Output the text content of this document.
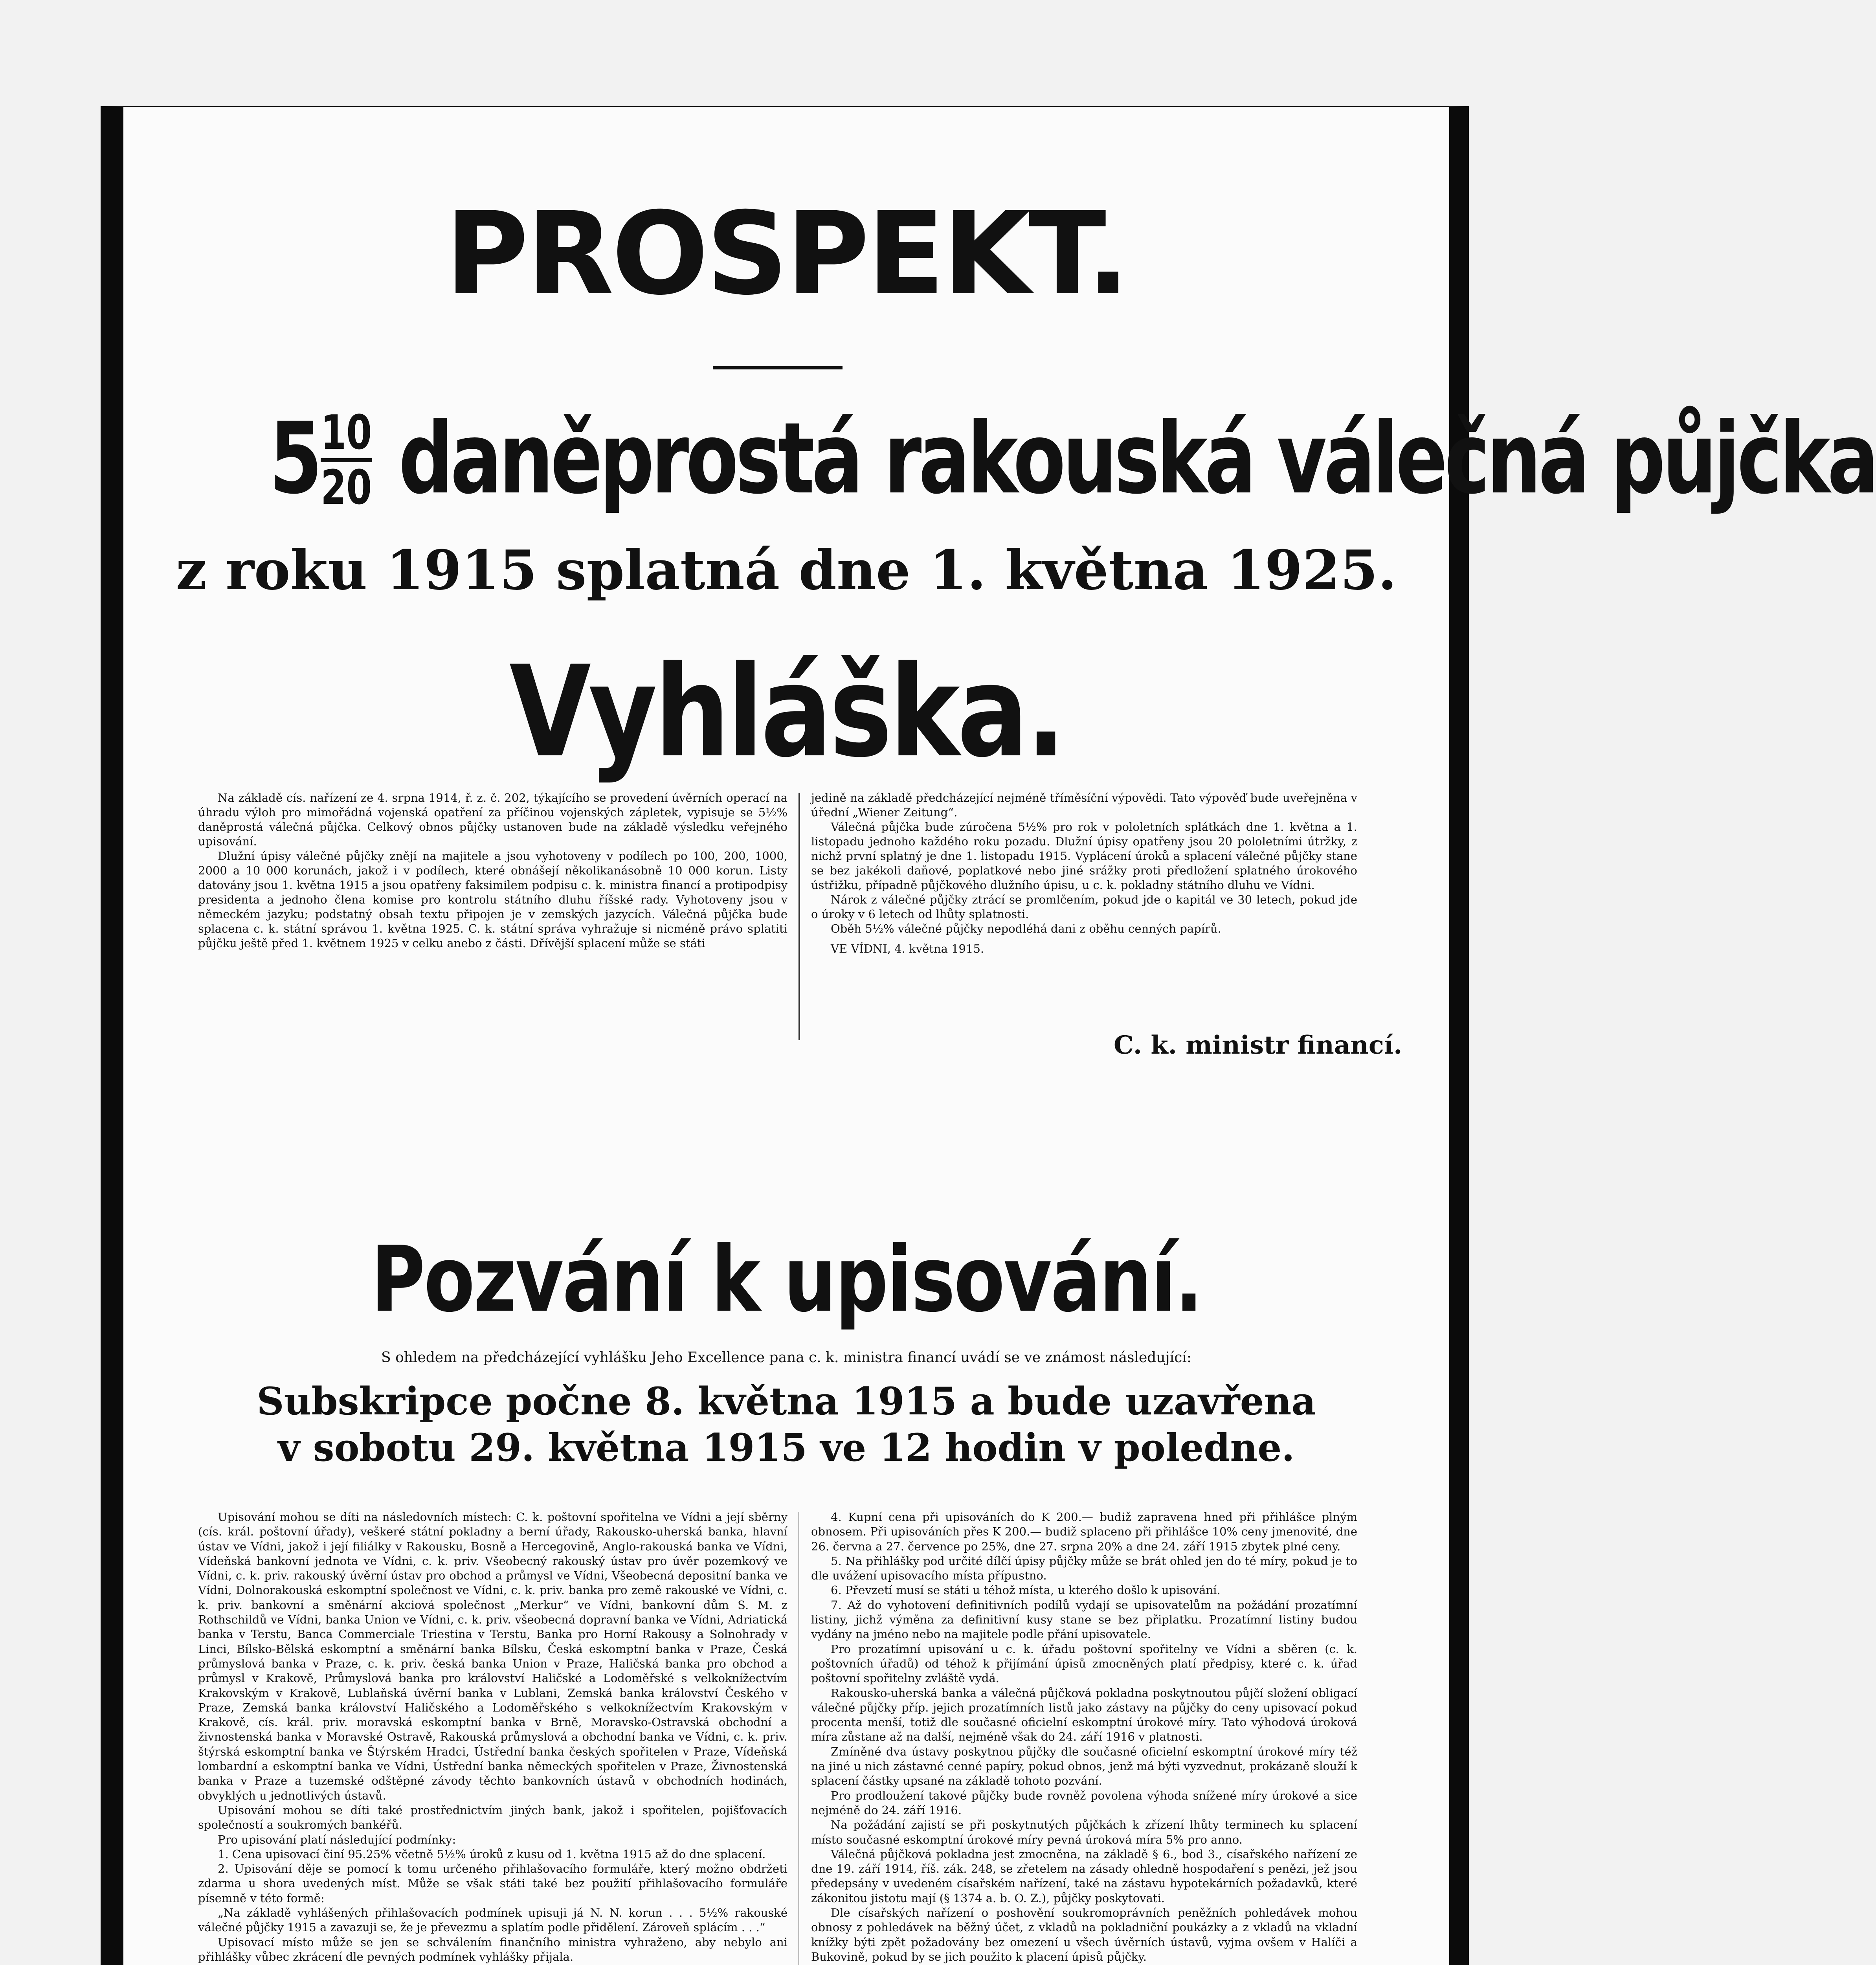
PROSPEKT.
$5 \frac{10}{20}$ daněprostá rakouská válečná půjčka
z roku 1915 splatná dne 1. května 1925.
Vyhláška.

Na základě cís. nařízení ze 4. srpna 1914, ř. z. č. 202, týkajícího se provedení úvěrních operací na úhradu výloh pro mimořádná vojenská opatření za příčinou vojenských zápletek, vypisuje se 5½% daněprostá válečná půjčka. Celkový obnos půjčky ustanoven bude na základě výsledku veřejného upisování.

Dlužní úpisy válečné půjčky znějí na majitele a jsou vyhotoveny v podílech po 100, 200, 1000, 2000 a 10 000 korunách, jakož i v podílech, které obnášejí několikanásobně 10 000 korun. Listy datovány jsou 1. května 1915 a jsou opatřeny faksimilem podpisu c. k. ministra financí a protipodpisy presidenta a jednoho člena komise pro kontrolu státního dluhu říšské rady. Vyhotoveny jsou v německém jazyku; podstatný obsah textu připojen je v zemských jazycích. Válečná půjčka bude splacena c. k. státní správou 1. května 1925. C. k. státní správa vyhražuje si nicméně právo splatiti půjčku ještě před 1. květnem 1925 v celku anebo z části. Dřívější splacení může se státi

jedině na základě předcházející nejméně tříměsíční výpovědi. Tato výpověď bude uveřejněna v úřední „Wiener Zeitung“.

Válečná půjčka bude zúročena 5½% pro rok v pololetních splátkách dne 1. května a 1. listopadu jednoho každého roku pozadu. Dlužní úpisy opatřeny jsou 20 pololetními útržky, z nichž první splatný je dne 1. listopadu 1915. Vyplácení úroků a splacení válečné půjčky stane se bez jakékoli daňové, poplatkové nebo jiné srážky proti předložení splatného úrokového ústřižku, případně půjčkového dlužního úpisu, u c. k. pokladny státního dluhu ve Vídni.

Nárok z válečné půjčky ztrácí se promlčením, pokud jde o kapitál ve 30 letech, pokud jde o úroky v 6 letech od lhůty splatnosti.

Oběh 5½% válečné půjčky nepodléhá dani z oběhu cenných papírů.

VE VÍDNI, 4. května 1915.

C. k. ministr financí.
Pozvání k upisování.
S ohledem na předcházející vyhlášku Jeho Excellence pana c. k. ministra financí uvádí se ve známost následující:
Subskripce počne 8. května 1915 a bude uzavřena
v sobotu 29. května 1915 ve 12 hodin v poledne.

Upisování mohou se díti na následovních místech: C. k. poštovní spořitelna ve Vídni a její sběrny (cís. král. poštovní úřady), veškeré státní pokladny a berní úřady, Rakousko-uherská banka, hlavní ústav ve Vídni, jakož i její filiálky v Rakousku, Bosně a Hercegovině, Anglo-rakouská banka ve Vídni, Vídeňská bankovní jednota ve Vídni, c. k. priv. Všeobecný rakouský ústav pro úvěr pozemkový ve Vídni, c. k. priv. rakouský úvěrní ústav pro obchod a průmysl ve Vídni, Všeobecná depositní banka ve Vídni, Dolnorakouská eskomptní společnost ve Vídni, c. k. priv. banka pro země rakouské ve Vídni, c. k. priv. bankovní a směnární akciová společnost „Merkur“ ve Vídni, bankovní dům S. M. z Rothschildů ve Vídni, banka Union ve Vídni, c. k. priv. všeobecná dopravní banka ve Vídni, Adriatická banka v Terstu, Banca Commerciale Triestina v Terstu, Banka pro Horní Rakousy a Solnohrady v Linci, Bílsko-Bělská eskomptní a směnární banka Bílsku, Česká eskomptní banka v Praze, Česká průmyslová banka v Praze, c. k. priv. česká banka Union v Praze, Haličská banka pro obchod a průmysl v Krakově, Průmyslová banka pro království Haličské a Lodoměřské s velkoknížectvím Krakovským v Krakově, Lublaňská úvěrní banka v Lublani, Zemská banka království Českého v Praze, Zemská banka království Haličského a Lodoměřského s velkoknížectvím Krakovským v Krakově, cís. král. priv. moravská eskomptní banka v Brně, Moravsko-Ostravská obchodní a živnostenská banka v Moravské Ostravě, Rakouská průmyslová a obchodní banka ve Vídni, c. k. priv. štýrská eskomptní banka ve Štýrském Hradci, Ústřední banka českých spořitelen v Praze, Vídeňská lombardní a eskomptní banka ve Vídni, Ústřední banka německých spořitelen v Praze, Živnostenská banka v Praze a tuzemské odštěpné závody těchto bankovních ústavů v obchodních hodinách, obvyklých u jednotlivých ústavů.

Upisování mohou se díti také prostřednictvím jiných bank, jakož i spořitelen, pojišťovacích společností a soukromých bankéřů.

Pro upisování platí následující podmínky:

1. Cena upisovací činí 95.25% včetně 5½% úroků z kusu od 1. května 1915 až do dne splacení.

2. Upisování děje se pomocí k tomu určeného přihlašovacího formuláře, který možno obdržeti zdarma u shora uvedených míst. Může se však státi také bez použití přihlašovacího formuláře písemně v této formě:

„Na základě vyhlášených přihlašovacích podmínek upisuji já N. N. korun . . . 5½% rakouské válečné půjčky 1915 a zavazuji se, že je převezmu a splatím podle přidělení. Zároveň splácím . . .“

Upisovací místo může se jen se schválením finančního ministra vyhraženo, aby nebylo ani přihlášky vůbec zkrácení dle pevných podmínek vyhlášky přijala.

4. Kupní cena při upisováních do K 200.— budiž zapravena hned při přihlášce plným obnosem. Při upisováních přes K 200.— budiž splaceno při přihlášce 10% ceny jmenovité, dne 26. června a 27. července po 25%, dne 27. srpna 20% a dne 24. září 1915 zbytek plné ceny.

5. Na přihlášky pod určité dílčí úpisy půjčky může se brát ohled jen do té míry, pokud je to dle uvážení upisovacího místa přípustno.

6. Převzetí musí se státi u téhož místa, u kterého došlo k upisování.

7. Až do vyhotovení definitivních podílů vydají se upisovatelům na požádání prozatímní listiny, jichž výměna za definitivní kusy stane se bez připlatku. Prozatímní listiny budou vydány na jméno nebo na majitele podle přání upisovatele.

Pro prozatímní upisování u c. k. úřadu poštovní spořitelny ve Vídni a sběren (c. k. poštovních úřadů) od téhož k přijímání úpisů zmocněných platí předpisy, které c. k. úřad poštovní spořitelny zvláště vydá.

Rakousko-uherská banka a válečná půjčková pokladna poskytnoutou půjčí složení obligací válečné půjčky příp. jejich prozatímních listů jako zástavy na půjčky do ceny upisovací pokud procenta menší, totiž dle současné oficielní eskomptní úrokové míry. Tato výhodová úroková míra zůstane až na další, nejméně však do 24. září 1916 v platnosti.

Zmíněné dva ústavy poskytnou půjčky dle současné oficielní eskomptní úrokové míry též na jiné u nich zástavné cenné papíry, pokud obnos, jenž má býti vyzvednut, prokázaně slouží k splacení částky upsané na základě tohoto pozvání.

Pro prodloužení takové půjčky bude rovněž povolena výhoda snížené míry úrokové a sice nejméně do 24. září 1916.

Na požádání zajistí se při poskytnutých půjčkách k zřízení lhůty terminech ku splacení místo současné eskomptní úrokové míry pevná úroková míra 5% pro anno.

Válečná půjčková pokladna jest zmocněna, na základě § 6., bod 3., císařského nařízení ze dne 19. září 1914, říš. zák. 248, se zřetelem na zásady ohledně hospodaření s penězi, jež jsou předepsány v uvedeném císařském nařízení, také na zástavu hypotekárních požadavků, které zákonitou jistotu mají (§ 1374 a. b. O. Z.), půjčky poskytovati.

Dle císařských nařízení o poshovění soukromoprávních peněžních pohledávek mohou obnosy z pohledávek na běžný účet, z vkladů na pokladniční poukázky a z vkladů na vkladní knížky býti zpět požadovány bez omezení u všech úvěrních ústavů, vyjma ovšem v Halíči a Bukovině, pokud by se jich použito k placení úpisů půjčky.
